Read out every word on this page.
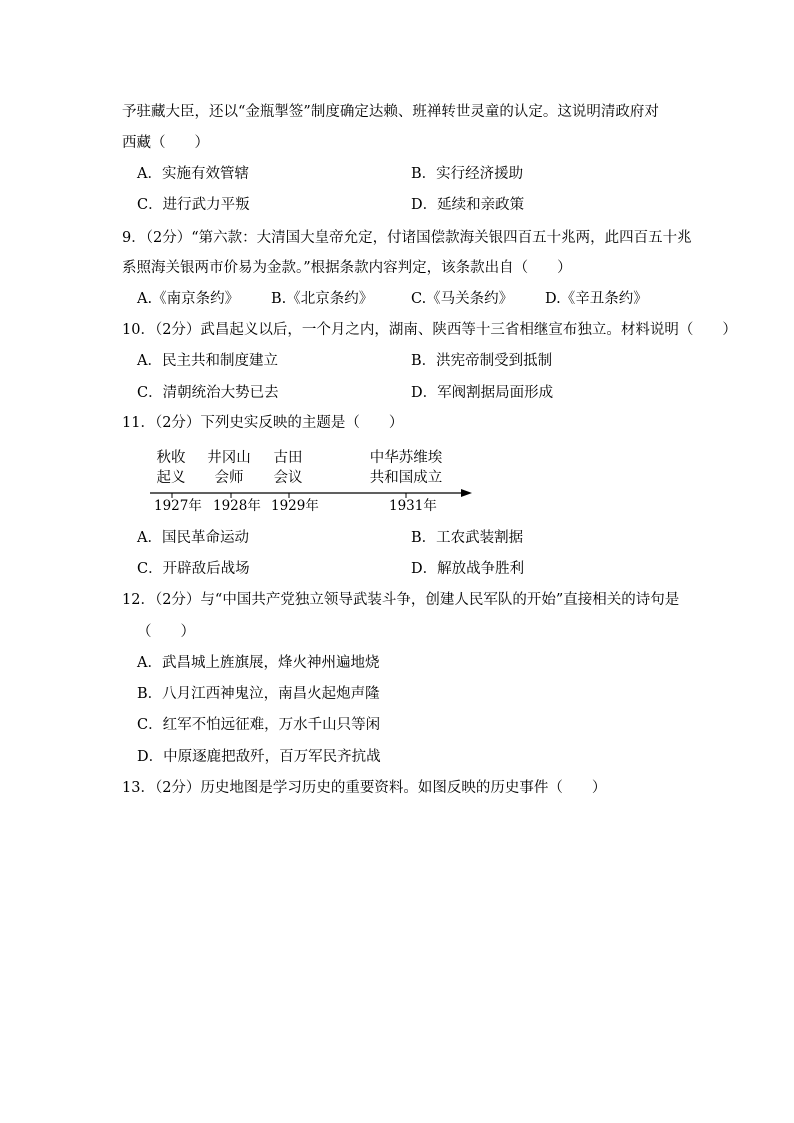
予驻藏大臣，还以“金瓶掣签”制度确定达赖、班禅转世灵童的认定。这说明清政府对
西藏（　　）
A．实施有效管辖	B．实行经济援助
C．进行武力平叛	D．延续和亲政策
9．（2分）“第六款：大清国大皇帝允定，付诸国偿款海关银四百五十兆两，此四百五十兆
系照海关银两市价易为金款。”根据条款内容判定，该条款出自（　　）
A.《南京条约》 B.《北京条约》	C.《马关条约》 D.《辛丑条约》
10．（2分）武昌起义以后，一个月之内，湖南、陕西等十三省相继宣布独立。材料说明（　　）
A．民主共和制度建立	B．洪宪帝制受到抵制
C．清朝统治大势已去	D．军阀割据局面形成
11．（2分）下列史实反映的主题是（　　）
秋收
起义
井冈山
会师
古田
会议
中华苏维埃
共和国成立
1927年 1928年 1929年	1931年
A．国民革命运动	B．工农武装割据
C．开辟敌后战场	D．解放战争胜利
12．（2分）与“中国共产党独立领导武装斗争，创建人民军队的开始”直接相关的诗句是
（　　）
A．武昌城上旌旗展，烽火神州遍地烧
B．八月江西神鬼泣，南昌火起炮声隆
C．红军不怕远征难，万水千山只等闲
D．中原逐鹿把敌歼，百万军民齐抗战
13．（2分）历史地图是学习历史的重要资料。如图反映的历史事件（　　）
